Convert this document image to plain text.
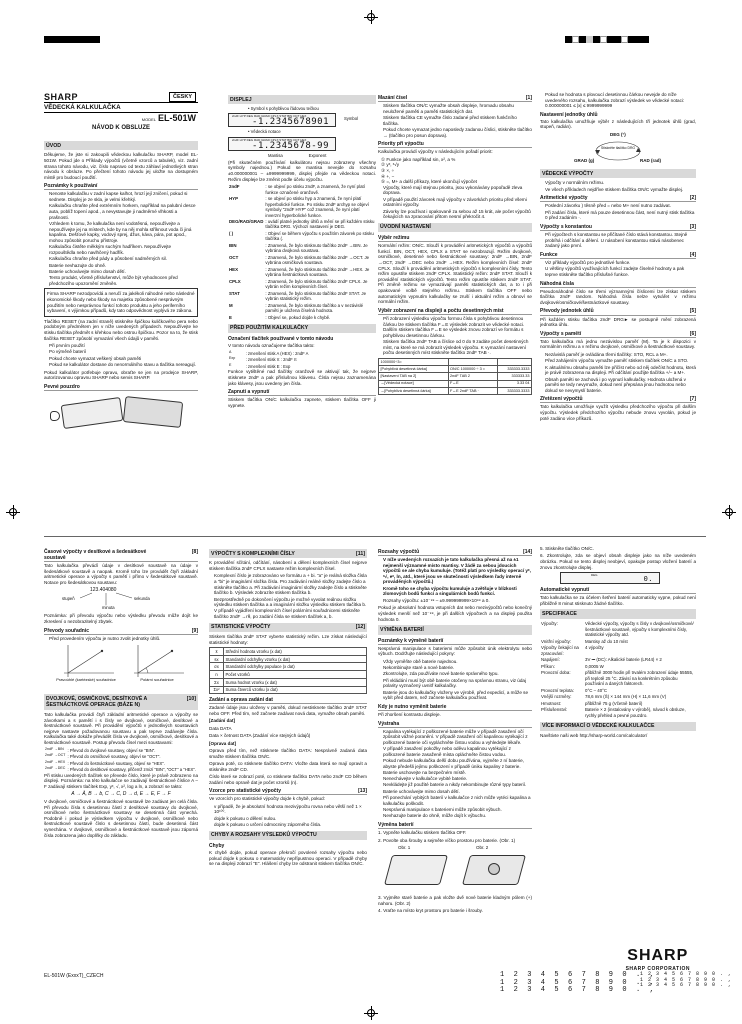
SHARP	ČESKY
VĚDECKÁ KALKULAČKA
MODEL EL-501W
NÁVOD K OBSLUZE
ÚVOD

Děkujeme, že jste si zakoupili vědeckou kalkulačku SHARP, model EL-501W. Pokud jde o Příklady výpočtů (včetně vzorců a tabulek), viz. zadní strana tohoto návodu, viz. číslo napravo od textu záhlaví jednotlivých stran návodu k obsluze. Po přečtení tohoto návodu jej uložte na dostupném místě pro budoucí použití.

Poznámky k používání
• Nenoste kalkulačku v zadní kapse kalhot, hrozí její zničení, pokud si sednete. Displej je ze skla, je velmi křehký.
• Kalkulačku chraňte před extrémním horkem, například na palubní desce auta, poblíž topení apod., a nevystavujte ji nadměrné vlhkosti a prašnosti.
• Vzhledem k tomu, že kalkulačka není vodotěsná, nepoužívejte a nepoužívejte jej na místech, kde by na něj mohla stříknout voda či jiná kapalina. Dešťové kapky, vodový sprej, džus, káva, pára, pot apod., mohou způsobit poruchu přístroje.
• Kalkulačku čistěte měkkým suchým hadříkem. Nepoužívejte rozpouštědla nebo navlhčený hadřík.
• Kalkulačku chraňte před pády a působení nadměrných sil.
• Baterie nevhazujte do ohně.
• Baterie uchovávejte mimo dosah dětí.
• Tento produkt, včetně příslušenství, může být vyhodnocen před předchozího upozornění změněn.
Firma SHARP nezodpovídá a neručí za jakékoli náhodné nebo následné ekonomické škody nebo škody na majetku způsobené nesprávným použitím nebo nesprávnou funkcí tohoto produktu a jeho periferního vybavení, s výjimkou případů, kdy tato odpovědnost vyplývá ze zákona.

Tlačítko RESET (na zadní straně) stiskněte špičkou kuličkového pera nebo podobným předmětem jen v níže uvedených případech. Nepoužívejte ke stisku tlačítka předmět s křehkou nebo ostrou špičkou. Pozor na to, že stisk tlačítka RESET způsobí vymazání všech údajů v paměti.

• Při prvním použití
• Po výměně baterií
• Pokud chcete vymazat veškerý obsah paměti
• Pokud se kalkulátor dostane do nenormálního stavu a tlačítka nereagují.

Pokud kalkulátor potřebuje opravu, obraťte se jen na prodejce SHARP, autorizovanou opravnu SHARP nebo servis SHARP.

Pevné pouzdro
DISPLEJ
• Symbol s pohyblivou řádovou tečkou
2ndF HYP DEG RAD GRAD CPLX STAT BIN OCT HEX
-1.2345678901	Symbol
• Vědecká notace
2ndF HYP DEG RAD GRAD CPLX STAT BIN OCT HEX
-1.2345678-99
Mantisa	Exponent

(Při skutečném používání kalkulátoru nejsou zobrazeny všechny symboly najednou.) Pokud se mantisa nevejde do rozsahu ±0.000000001 – ±9999999999, displej přejde na vědeckou notaci. Režim displeje lze změnit podle účelu výpočtu.

2ndF	: se objeví po stisku 2ndF, a znamená, že nyní platí funkce označené oranžově.
HYP	: se objeví po stisku hyp a znamená, že nyní platí hyperbolické funkce. Po stisku 2ndF archyp se objeví symboly "2ndF HYP" což znamená, že nyní platí inverzní hyperbolické funkce.
DEG/RAD/GRAD	: uvádí platné jednotky úhlů a mění se při každém stisku tlačítka DRG. Výchozí nastavení je DEG.
( )	: Objeví se během výpočtu s použitím závorek po stisku tlačítka (.
BIN	: Znamená, že bylo stisknuto tlačítko 2ndF →BIN. Je vybrána dvojková soustava.
OCT	: Znamená, že bylo stisknuto tlačítko 2ndF →OCT. Je vybrána osmičková soustava.
HEX	: Znamená, že bylo stisknuto tlačítko 2ndF →HEX. Je vybrána šestnáctková soustava.
CPLX	: Znamená, že bylo stisknuto tlačítko 2ndF CPLX. Je vybrán režim komplexních čísel.
STAT	: Znamená, že bylo stisknuto tlačítko 2ndF STAT. Je vybrán statistický režim.
M	: Znamená, že bylo stisknuto tlačítko a v nezávislé paměti je uložena číselná hodnota.
E	: Objeví se, pokud dojde k chybě.
PŘED POUŽITÍM KALKULAČKY
Označení tlačítek používané v tomto návodu

V tomto návodu označujeme tlačítka takto:

A	: zmenšení stisk A (HEX) : 2ndF A
Exp : zmenšení stisk π : 2ndF π
E	: zmenšení stisk E : Exp

Funkce vytištěné nad tlačítky oranžově se aktivují tak, že nejprve stisknete 2ndF a pak příslušnou klávesu. Čísla nejsou zaznamenána jako klávesy, jsou uvedeny jen čísla.

Zapnutí a vypnutí

Stiskem tlačítka ON/C kalkulačku zapnete, stiskem tlačítka OFF ji vypnete.

Mazání čísel	[1]
• Stiskem tlačítka ON/C vymažte obsah displeje, hromadu obsahu neuložené paměti a paměti statistických dat.
• Stiskem tlačítka CE vymažte číslo zadané před stiskem funkčního tlačítka.
• Pokud chcete vymazat jedno naposledy zadanou číslici, stiskněte tlačítko → (tlačítko pro posun doprava).
Priority při výpočtu

Kalkulačka provádí výpočty v následujícím pořadí priorit:

① Funkce jako například sin, x², a %
② yˣ, ˣ√y
③ ×, ÷
④ +, −
⑤ =, M+ a další příkazy, které ukončují výpočet
• Výpočty, které mají stejnou prioritu, jsou vykonávány popořadě zleva doprava.
• V případě použití závorek mají výpočty v závorkách prioritu před všemi ostatními výpočty.
• Závorky lze používat i opakovaně za sebou až 15 krát, ale počet výpočtů čekajících na zpracování přitom nesmí překročit 4.
ÚVODNÍ NASTAVENÍ
Výběr režimu

Normální režim: ON/C. Slouží k provádění aritmetických výpočtů a výpočtů funkcí. BIN, OCT, HEX, CPLX a STAT se nezobrazují. Režim dvojkové, osmičkové, desetinné nebo šestnáctkové soustavy: 2ndF →BIN, 2ndF →OCT, 2ndF →DEC nebo 2ndF →HEX. Režim komplexních čísel: 2ndF CPLX. Slouží k provádění aritmetických výpočtů s komplexními čísly. Tento režim opustíte stiskem 2ndF CPLX. Statistický režim: 2ndF STAT. Slouží k provádění statistických výpočtů. Tento režim opustíte stiskem 2ndF STAT. Při změně režimu se vymazávají paměti statistických dat, a to i při opakované volbě stejného režimu. Stiskem tlačítka OFF nebo automatickým vypnutím kalkulačky se zruší i aktuální režim a obnoví se normální režim.

Výběr zobrazení na displeji a počtu desetinných míst
• Při zobrazení výsledku výpočtu formou čísla s pohyblivou desetinnou čárkou lze stiskem tlačítka F↔E výsledek zobrazit ve vědecké notaci. Dalším stiskem tlačítka F↔E se výsledek znovu zobrazí ve formátu s pohyblivou desetinnou čárkou.
• Stiskem tlačítka 2ndF TAB a číslice od 0 do 9 zadáte počet desetinných míst, na které se má zobrazit výsledek výpočtu. K vymazání nastavení počtu desetinných míst stiskněte tlačítko 2ndF TAB ·.
1000000÷3=		
[Pohyblivá desetinná čárka]	ON/C 1000000 ÷ 3 =	333333.3333
[Nastavení TAB na 2]	2ndF TAB 2	333333.33
→[Vědecká notace]	F↔E	3.33 04
→[Pohyblivá desetinná čárka]	F↔E 2ndF TAB ·	333333.3333
• Pokud se hodnota s plovoucí desetinnou čárkou nevejde do níže uvedeného rozsahu, kalkulačka zobrazí výsledek ve vědecké notaci: 0.000000001 ≤ |x| ≤ 9999999999
Nastavení jednotky úhlů

Tato kalkulačka umožňuje výběr z následujících tří jednotek úhlů (grad, stupeň, radián).

DEG (°)
Stiskněte tlačítko DRG
GRAD (g)	RAD (rad)
VĚDECKÉ VÝPOČTY
• Výpočty v normálním režimu.
• Ve všech příkladech nejdříve stiskem tlačítka ON/C vymažte displej.
Aritmetické výpočty	[2]
• Poslední závorku ) těsně před = nebo M+ není nutno zadávat.
• Při zadání čísla, které má pouze desetinnou část, není nutný stisk tlačítka 0 před zadáním ·.
Výpočty s konstantou	[3]
• Při výpočtech s konstantou se přičítané číslo stává konstantou. Stejně probíhá i odčítání a dělení. U násobení konstantou stává násobenec zadaný jako první.
Funkce	[4]
• Viz příklady výpočtů pro jednotlivé funkce.
• U většiny výpočtů využívajících funkcí zadejte číselné hodnoty a pak teprve stiskněte tlačítko příslušné funkce.
Náhodná čísla

Pseudonáhodné číslo se třemi významnými číslicemi lze získat stiskem tlačítka 2ndF random. Náhodná čísla nelze vytvářet v režimu dvojkové/osmičkové/šestnáctkové soustavy.

Převody jednotek úhlů	[5]

Při každém stisku tlačítka 2ndF DRG► se postupně mění zobrazená jednotka úhlu.

Výpočty s pamětí	[6]

Tato kalkulačka má jednu nezávislou paměť (M). Ta je k dispozici v normálním režimu a v režimu dvojkové, osmičkové a šestnáctkové soustavy.

• Nezávislá paměť je ovládána třemi tlačítky: STO, RCL a M+.
• Před zahájením výpočtu vymažte paměť stiskem tlačítek ON/C a STO.
• K aktuálnímu obsahu paměti lze přičíst nebo od něj odečíst hodnotu, která je právě zobrazena na displeji. Při odčítání použijte tlačítka +/− a M+.
• Obsah paměti se zachová i po vypnutí kalkulačky. Hodnota uložená v paměti se tedy nevymaže, dokud není přepsána jinou hodnotou nebo dokud se nevymyslí baterie.
Zřetězení výpočtů	[7]

Tato kalkulačka umožňuje využít výsledku předchozího výpočtu při dalším výpočtu. Výsledek předchozího výpočtu nebude znovu vyvolán, pokud je poté zadáno více příkazů.

Časové výpočty v desítkové a šedesátkové soustavě
[8]

Tato kalkulačka převádí údaje v desítkové soustavě na údaje v šedesátkové soustavě a naopak. Kromě toho lze provádět čtyři základní aritmetické operace a výpočty s pamětí i přímo v šedesátkové soustavě. Notace pro šedesátkovou soustavu:

123.404080
stupeň	sekunda
minuta

Poznámka: při převodu výpočtu nebo výsledku převodu může dojít ke zkreslení o nezobrazitelný zbytek.

Převody souřadnic	[9]
• Před provedením výpočtu je nutno zvolit jednotky úhlů.
Pravoúhlé (kartézské) souřadnice	Polární souřadnice
DVOJKOVÉ, OSMIČKOVÉ, DESÍTKOVÉ A ŠESTNÁCTKOVÉ OPERACE (BÁZE N)
[10]

Tato kalkulačka provádí čtyři základní aritmetické operace a výpočty se závorkami a s pamětí i s čísly ve dvojkové, osmičkové, desítkové a šestnáctkové soustavě. Při provádění výpočtů v jednotlivých soustavách nejprve nastavte požadovanou soustavu a pak teprve zadávejte čísla. Kalkulačka také dokáže převádět čísla ve dvojkové, osmičkové, desítkové a šestnáctkové soustavě. Postup převodu čísel mezi soustavami:

2ndF →BIN : Převod do dvojkové soustavy, objeví se "BIN".
2ndF →OCT : Převod do osmičkové soustavy, objeví se "OCT".
2ndF →HEX : Převod do šestnáctkové soustavy, objeví se "HEX".
2ndF →DEC : Převod do desítkové soustavy, přičemž zmizí "BIN", "OCT" a "HEX".

Při stisku uvedených tlačítek se převede číslo, které je právě zobrazeno na displeji. Poznámka: na této kalkulačce se zadávají šestnáctkové číslice A – F zadávají stiskem tlačítek Exp, yˣ, √, x², log a ln, a zobrazí se takto:

A → Ā, B → b, C → C, D → d, E → E, F → F

V dvojkové, osmičkové a šestnáctkové soustavě lze zadávat jen celá čísla. Při převodu čísla s desetinnou částí z desítkové soustavy do dvojkové, osmičkové nebo šestnáctkové soustavy se desetinná část vynechá. Podobně i pokud je výsledkem výpočtu v dvojkové, osmičkové nebo šestnáctkové soustavě číslo s desetinnou částí, bude desetinná část vynechána. V dvojkové, osmičkové a šestnáctkové soustavě jsou záporná čísla zobrazena jako doplňky do základu.

VÝPOČTY S KOMPLEXNÍMI ČÍSLY	[11]

K provádění sčítání, odčítání, násobení a dělení komplexních čísel nejprve stiskem tlačítka 2ndF CPLX nastavte režim komplexních čísel.

• Komplexní číslo je zobrazováno ve formátu a + bi. "a" je reálná složka čísla a "bi" je imaginární složka čísla. Pro zadávání reálné složky zadejte číslo a stiskněte tlačítko a. Při zadávání imaginární složky zadejte číslo a stiskněte tlačítko b. Výsledek zobrazíte stiskem tlačítka b.
• Bezprostředně po dokončení výpočtu je možné vyvolat reálnou složku výsledku stiskem tlačítka a a imaginární složku výsledku stiskem tlačítka b.
• V případě vyjádření komplexních čísel polárními souřadnicemi stiskněte tlačítko 2ndF →rθ, po zadání čísla se stiskem tlačítek a, b.
STATISTICKÉ VÝPOČTY	[12]

Stiskem tlačítka 2ndF STAT vyberte statistický režim. Lze získat následující statistické hodnoty:

x̄	Střední hodnota vzorku (x dat)
sx	Standardní odchylky vzorku (x dat)
σx	Standardní odchylky populace (x dat)
n	Počet vzorků
Σx	Suma hodnot vzorku (x dat)
Σx²	Suma čtverců vzorku (x dat)
Zadání a oprava zadání dat

Zadané údaje jsou uloženy v paměti, dokud nestisknete tlačítko 2ndF STAT nebo OFF. Před tím, než začnete zadávat nová data, vymažte obsah paměti.

[Zadání dat]

Data DATA

Data × četnost DATA (Zadání více stejných údajů)

[Oprava dat]

Oprava před tím, než stisknete tlačítko DATA: Nesprávně zadaná data smažte stiskem tlačítka ON/C.

Oprava poté, co stisknete tlačítko DATA: Vložte data která se mají opravit a stiskněte 2ndF CD.

Číslo které se zobrazí poté, co stisknete tlačítko DATA nebo 2ndF CD během zadání nebo opravě dat je počet vzorků (n).

Vzorce pro statistické výpočty	[13]

Ve vzorcích pro statistické výpočty dojde k chybě, pokud:

• v případě, že je absolutní hodnota mezivýpočtu rovna nebo větší než 1 × 10¹⁰⁰.
• dojde k pokusu o dělení nulou.
• dojde k pokusu o určení odmocniny záporného čísla.
CHYBY A ROZSAHY VÝSLEDKŮ VÝPOČTU
Chyby

K chybě dojde, pokud operace překročí povolené rozsahy výpočtu nebo pokud dojde k pokusu o matematicky nepřípustnou operaci. V případě chyby se na displeji zobrazí "E". Hlášení chyby lze odstranit stiskem tlačítka ON/C.

Rozsahy výpočtů	[14]
• V níže uvedených rozsazích je tato kalkulačka přesná až na ±1 nejmenší významné místo mantisy. V žádě za sebou jdoucích výpočtů se ale chyba kumuluje. (Totéž platí pro výsledky operací yˣ, ˣ√, eˣ, ln, atd., které jsou ve skutečnosti výsledkem řady interně prováděných výpočtů.)
• Kromě toho se chyba výpočtu kumuluje a zvětšuje v blízkosti zlomových bodů funkcí a singulárních bodů funkcí.
• Rozsahy výpočtu: ±10⁻⁹⁹ – ±9.999999999×10⁹⁹ a 0.

Pokud je absolutní hodnota vstupních dat nebo mezivýpočtů nebo konečný výsledek menší než 10⁻⁹⁹, je při dalších výpočtech a na displeji použita hodnota 0.

VÝMĚNA BATERIÍ
Poznámky k výměně baterií

Nesprávná manipulace s bateriemi může způsobit únik elektrolytu nebo výbuch. Dodržujte následující pokyny:

• Vždy vyměňte obě baterie najednou.
• Nekombinujte staré a nové baterie.
• Zkontrolujte, zda používáte nové baterie správného typu.
• Při vkládání musí být obě baterie otočeny na správnou stranu, viz údaj polarity vyznačený uvnitř kalkulačky.
• Baterie jsou do kalkulačky vloženy ve výrobě, před expedicí, a může se vybít před datem, než začnete kalkulačku používat.
Kdy je nutno vyměnit baterie

Při zhoršení kontrastu displeje.

Výstraha
• Kapalina vytékající z poškozené baterie může v případě zasažení očí způsobit vážné poranění. V případě zasažení očí kapalinou vytékající z poškozené baterie oči vypláchněte čistou vodou a vyhledejte lékaře.
• V případě zasažení pokožky nebo oděvu kapalinou vytékající z poškozené baterie zasaženě místa opláchněte čistou vodou.
• Pokud nebude kalkulačka delší dobu používána, vyjměte z ní baterie, abyste předešli jejímu poškození v případě úniku kapaliny z baterie. Baterie uschovejte na bezpečném místě.
• Nenechávejte v kalkulačce vybité baterie.
• Nevkládejte již použité baterie a nikdy nekombinujte různé typy baterií.
• Baterie uchovávejte mimo dosah dětí.
• Při ponechání vybitých baterií v kalkulačce z nich může vytéci kapalina a kalkulačku poškodit.
• Nesprávná manipulace s bateriemi může způsobit výbuch.
• Nevhazujte baterie do ohně, může dojít k výbuchu.
Výměna baterií

1. Vypněte kalkulačku stiskem tlačítka OFF.

2. Povolte oba šrouby a sejměte víčko prostoru pro baterie. (Obr. 1)

Obr. 1	Obr. 2

3. Vyjměte staré baterie a pak vložte dvě nové baterie kladným pólem (+) nahoru. (Obr. 2)

4. Vraťte na místo kryt prostoru pro baterie i šrouby.

5. Stiskněte tlačítko ON/C.

6. Zkontrolujte, zda se objeví obsah displeje jako na níže uvedeném obrázku. Pokud se tento displej neobjeví, opakujte postup vložení baterií a znovu zkontrolujte displej.

DEG	0.
Automatické vypnutí

Tato kalkulačka se za účelem šetření baterií automaticky vypne, pokud není přibližně 8 minut stisknuto žádné tlačítko.

SPECIFIKACE
Výpočty:	Vědecké výpočty, výpočty s čísly v dvojkové/osmičkové/šestnáctkové soustavě, výpočty s komplexními čísly, statistické výpočty atd.
Vnitřní výpočty:	Mantisy až do 10 míst
Výpočty čekající na zpracování:	4 výpočty
Napájení:	3V ⎓ (DC): Alkalické baterie (LR44) × 2
Příkon:	0,0005 W
Provozní doba:	přibližně 3000 hodin při trvalém zobrazení údaje 55555, při teplotě 25 °C. Závisí na konkrétním způsobu používání a daných faktorech.
Provozní teplota:	0°C – 40°C
Vnější rozměry:	78,6 mm (Š) × 144 mm (H) × 11,6 mm (V)
Hmotnost:	přibližně 75 g (Včetně baterií)
Příslušenství:	Baterie × 2 (instalovány v výrobě), návod k obsluze, rychly přehled a pevné pouzdro.
VÍCE INFORMACÍ O VĚDECKÉ KALKULAČCE

Navštivte naši web http://sharp-world.com/calculator/

SHARP
SHARP CORPORATION
EL-501W (ExxxT)_CZECH	1 2 3 4 5 6 7 8 9 0 . ,
1 2 3 4 5 6 7 8 9 0 . ,
1 2 3 4 5 6 7 8 9 0 . ,
1 2 3 4 5 6 7 8 9 0 . ,
1 2 3 4 5 6 7 8 9 0 . ,
1 2 3 4 5 6 7 8 9 0 . ,
